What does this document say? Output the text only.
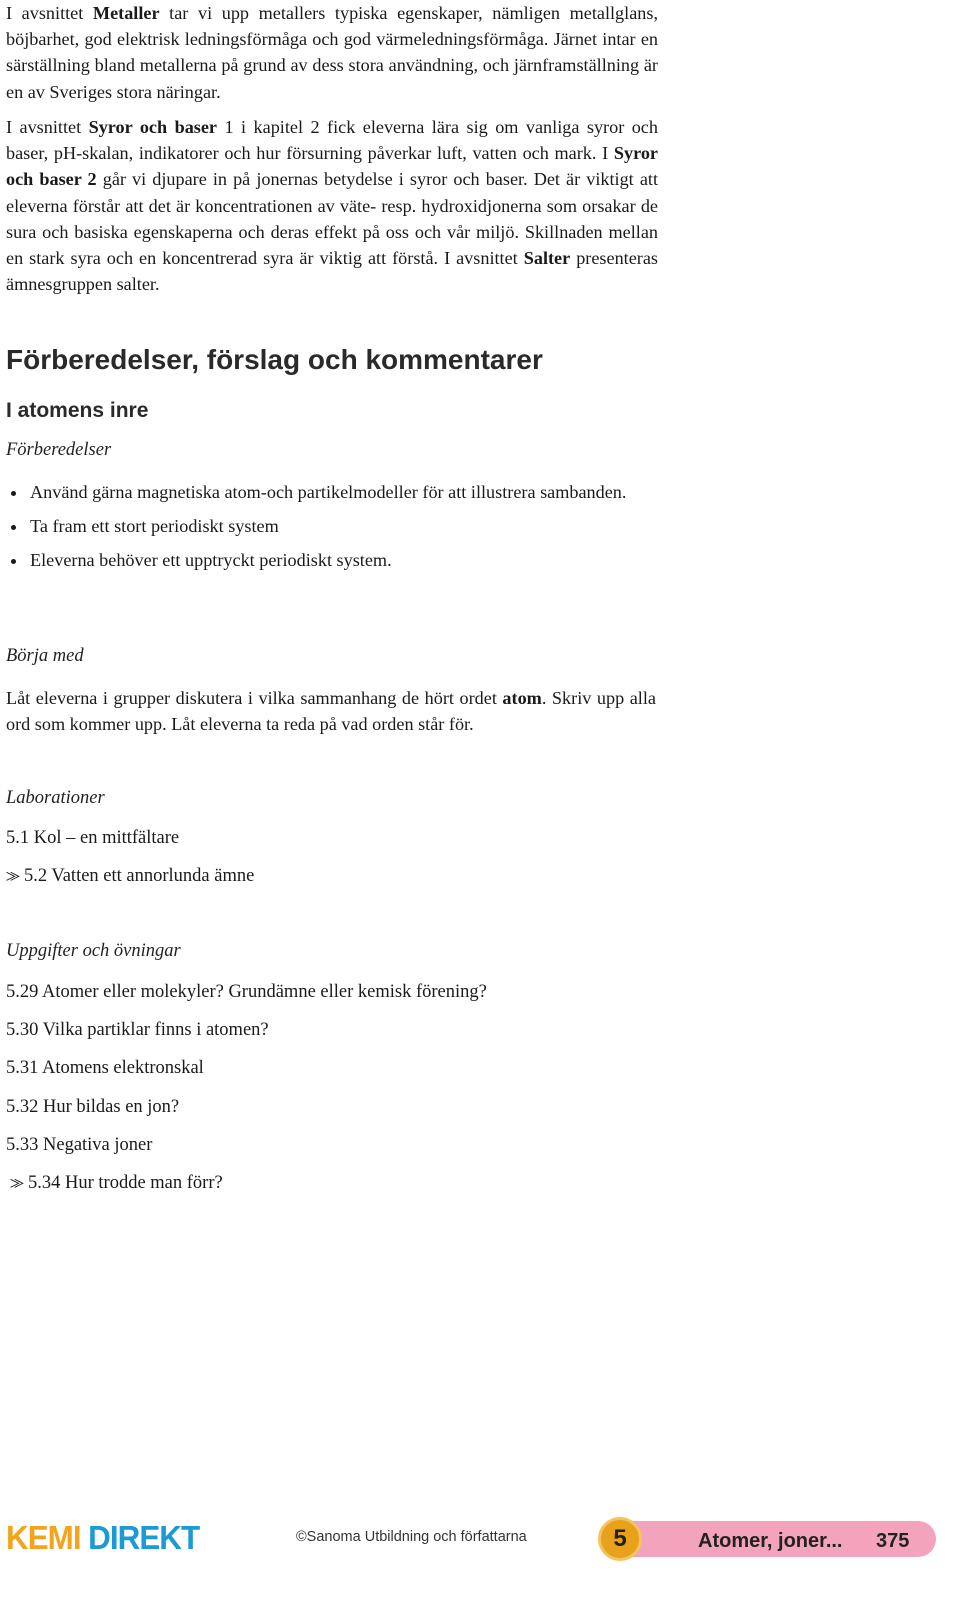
I avsnittet Metaller tar vi upp metallers typiska egenskaper, nämligen metallglans, böjbarhet, god elektrisk ledningsförmåga och god värmeledningsförmåga. Järnet intar en särställning bland metallerna på grund av dess stora användning, och järnframställning är en av Sveriges stora näringar.

I avsnittet Syror och baser 1 i kapitel 2 fick eleverna lära sig om vanliga syror och baser, pH-skalan, indikatorer och hur försurning påverkar luft, vatten och mark. I Syror och baser 2 går vi djupare in på jonernas betydelse i syror och baser. Det är viktigt att eleverna förstår att det är koncentrationen av väte- resp. hydroxidjonerna som orsakar de sura och basiska egenskaperna och deras effekt på oss och vår miljö. Skillnaden mellan en stark syra och en koncentrerad syra är viktig att förstå. I avsnittet Salter presenteras ämnesgruppen salter.

Förberedelser, förslag och kommentarer
I atomens inre

Förberedelser

Använd gärna magnetiska atom-och partikelmodeller för att illustrera sambanden.
Ta fram ett stort periodiskt system
Eleverna behöver ett upptryckt periodiskt system.

Börja med

Låt eleverna i grupper diskutera i vilka sammanhang de hört ordet atom. Skriv upp alla ord som kommer upp. Låt eleverna ta reda på vad orden står för.

Laborationer

5.1 Kol – en mittfältare

⨠ 5.2 Vatten ett annorlunda ämne

Uppgifter och övningar

5.29 Atomer eller molekyler? Grundämne eller kemisk förening?

5.30 Vilka partiklar finns i atomen?

5.31 Atomens elektronskal

5.32 Hur bildas en jon?

5.33 Negativa joner

⨠ 5.34 Hur trodde man förr?

KEMI DIREKT	©Sanoma Utbildning och författarna	5	Atomer, joner... 375
